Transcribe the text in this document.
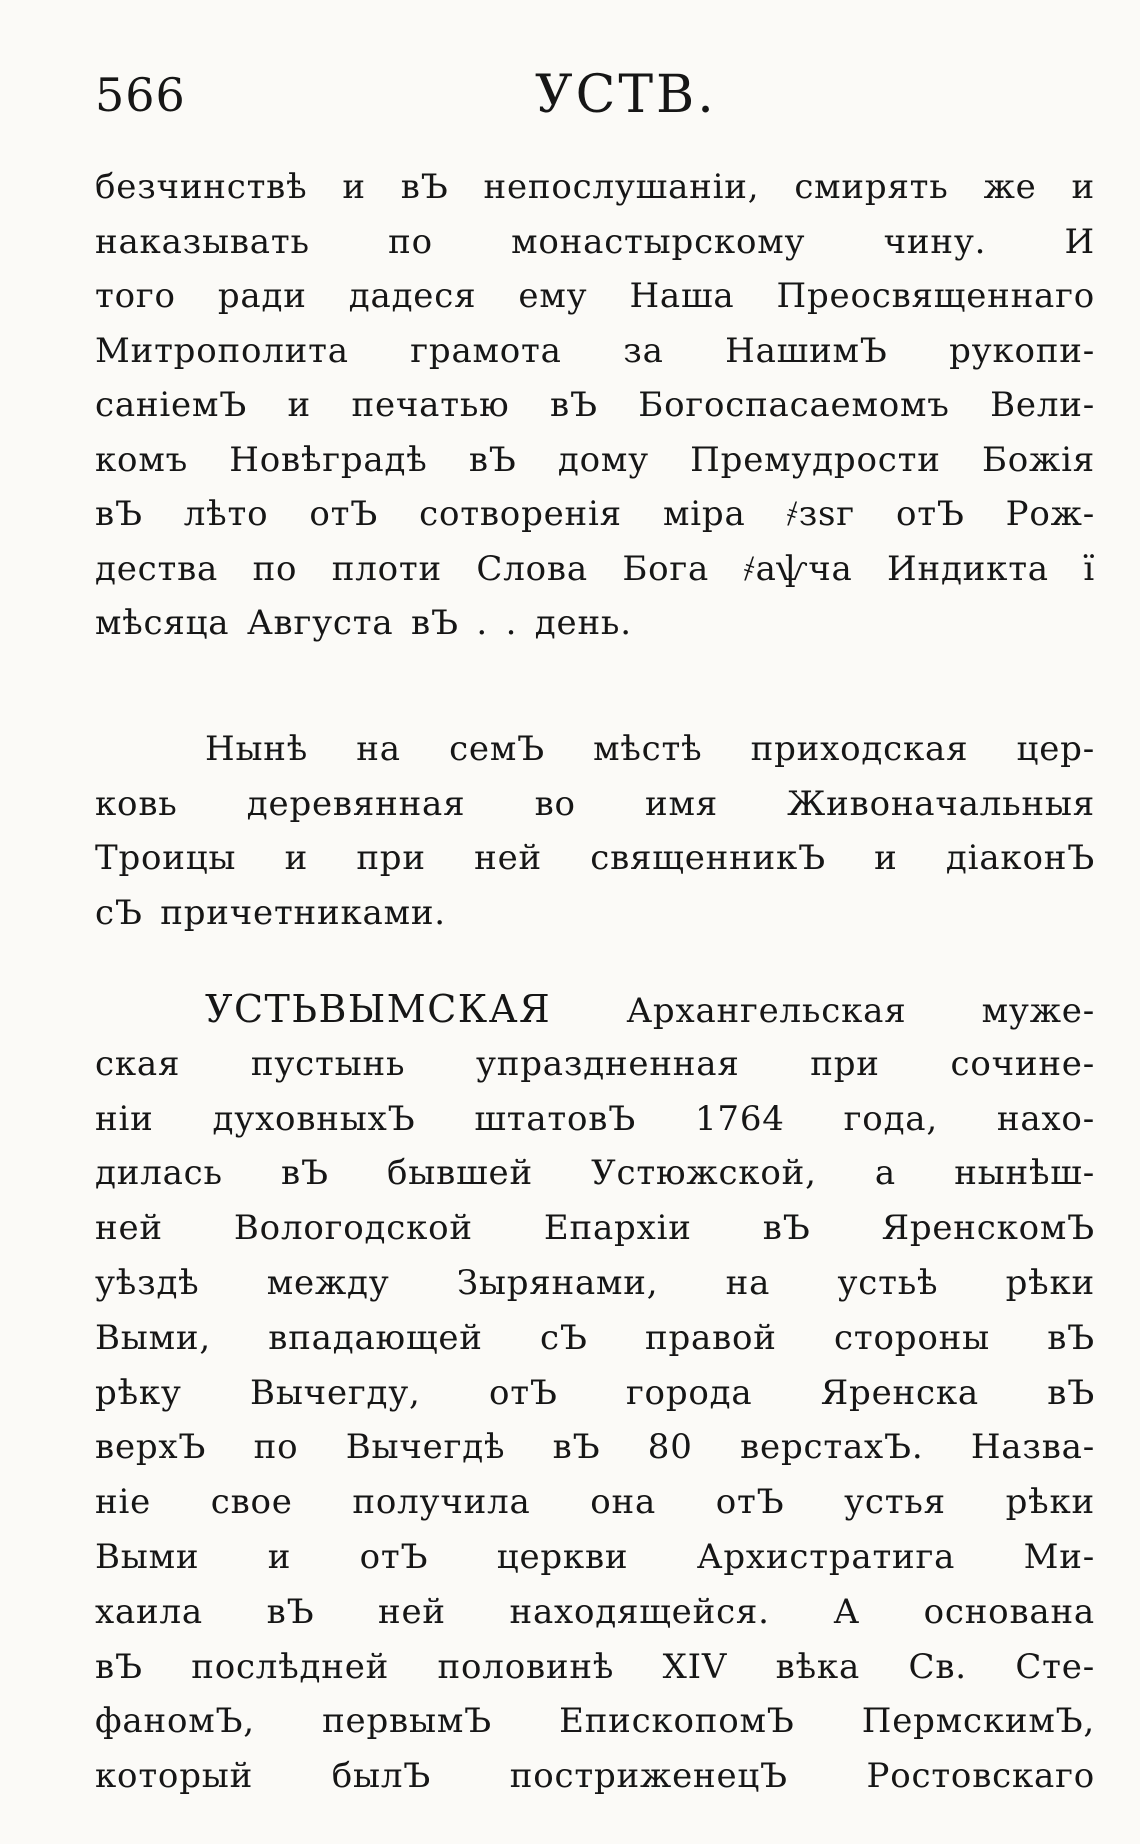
566	УСТВ.
безчинствѣ и вЪ непослушаніи, смирять же и
наказывать по монастырскому чину. И
того ради дадеся ему Наша Преосвященнаго
Митрополита грамота за НашимЪ рукопи-
саніемЪ и печатью вЪ Богоспасаемомъ Вели-
комъ Новѣградѣ вЪ дому Премудрости Божія
вЪ лѣто отЪ сотворенія міра ҂зѕг отЪ Рож-
дества по плоти Слова Бога ҂аѱча Индикта ї
мѣсяца Августа вЪ . . день.
Нынѣ на семЪ мѣстѣ приходская цер-
ковь деревянная во имя Живоначальныя
Троицы и при ней священникЪ и діаконЪ
сЪ причетниками.
УСТЬВЫМСКАЯ Архангельская муже-
ская пустынь упраздненная при сочине-
ніи духовныхЪ штатовЪ 1764 года, нахо-
дилась вЪ бывшей Устюжской, а нынѣш-
ней Вологодской Епархіи вЪ ЯренскомЪ
уѣздѣ между Зырянами, на устьѣ рѣки
Выми, впадающей сЪ правой стороны вЪ
рѣку Вычегду, отЪ города Яренска вЪ
верхЪ по Вычегдѣ вЪ 80 верстахЪ. Назва-
ніе свое получила она отЪ устья рѣки
Выми и отЪ церкви Архистратига Ми-
хаила вЪ ней находящейся. А основана
вЪ послѣдней половинѣ XIV вѣка Св. Сте-
фаномЪ, первымЪ ЕпископомЪ ПермскимЪ,
который былЪ постриженецЪ Ростовскаго
